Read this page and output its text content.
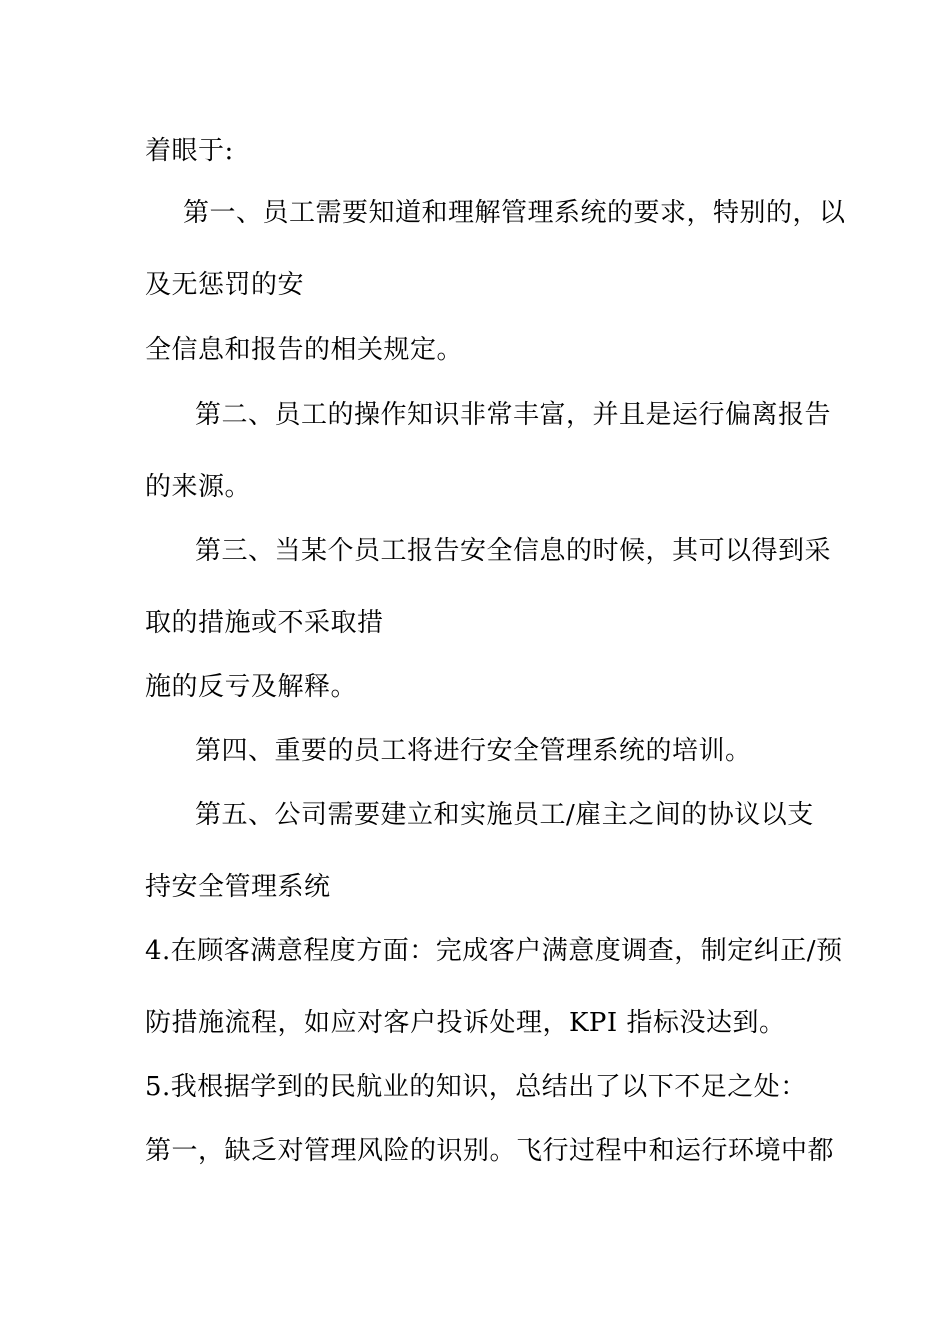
着眼于:
第一、员工需要知道和理解管理系统的要求，特别的，以
及无惩罚的安
全信息和报告的相关规定。
第二、员工的操作知识非常丰富，并且是运行偏离报告
的来源。
第三、当某个员工报告安全信息的时候，其可以得到采
取的措施或不采取措
施的反亏及解释。
第四、重要的员工将进行安全管理系统的培训。
第五、公司需要建立和实施员工/雇主之间的协议以支
持安全管理系统
4.在顾客满意程度方面：完成客户满意度调查，制定纠正/预
防措施流程，如应对客户投诉处理，KPI 指标没达到。
5.我根据学到的民航业的知识，总结出了以下不足之处：
第一，缺乏对管理风险的识别。飞行过程中和运行环境中都
